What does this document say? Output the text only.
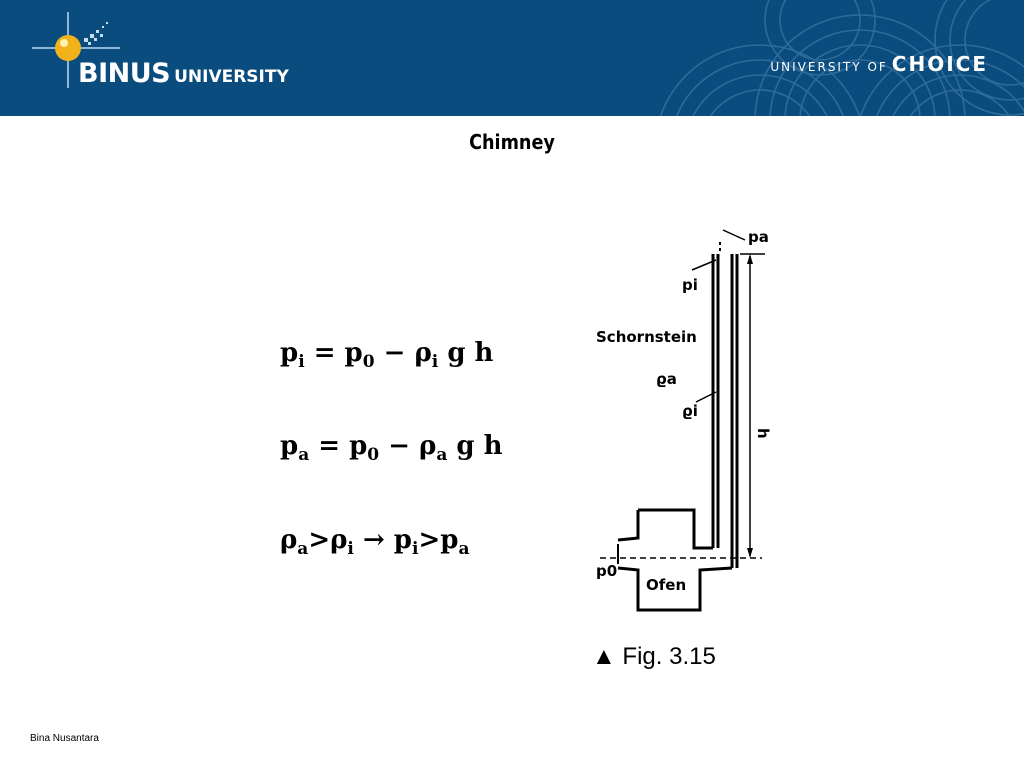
BINUS UNIVERSITY	UNIVERSITY OF CHOICE
Chimney
$p_i = p_0 - \rho_i$ g h
$p_a = p_0 - \rho_a$ g h
$\rho_a>\rho_i \to p_i>p_a$
pa
pi
Schornstein
ϱa
ϱi
h
p0
Ofen
▲ Fig. 3.15
Bina Nusantara
